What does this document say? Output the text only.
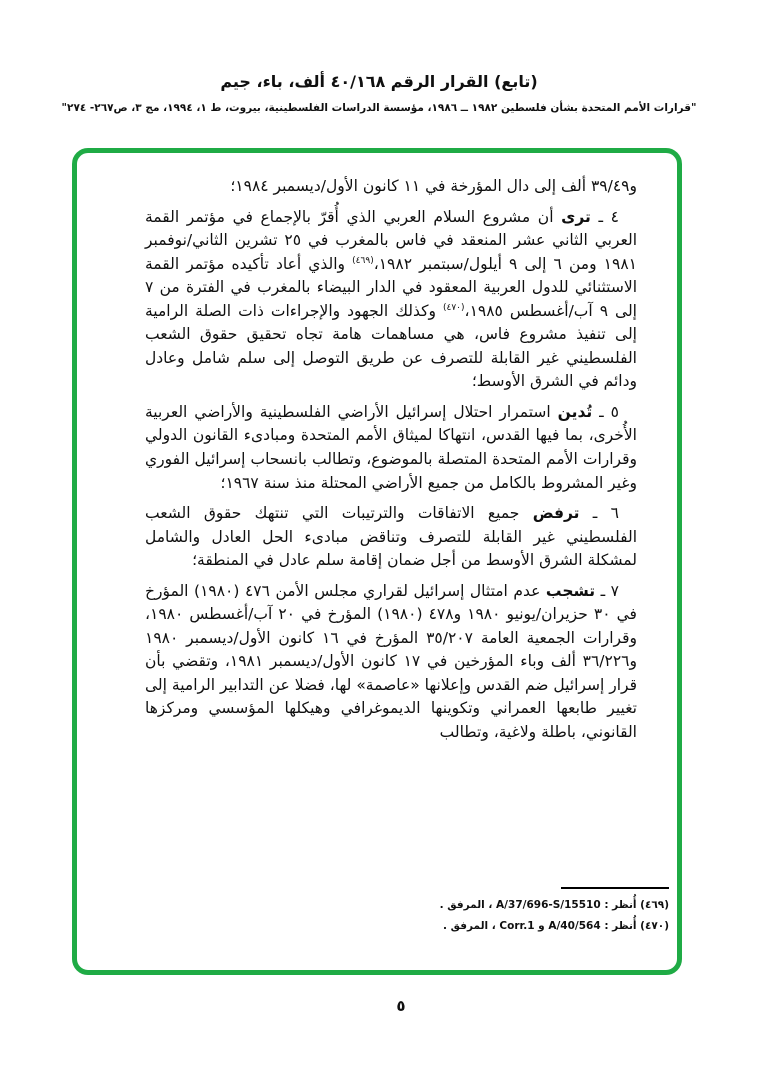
(تابع) القرار الرقم ٤٠/١٦٨ ألف، باء، جيم
"قرارات الأمم المتحدة بشأن فلسطين ١٩٨٢ ــ ١٩٨٦، مؤسسة الدراسات الفلسطينية، بيروت، ط ١، ١٩٩٤، مج ٣، ص٢٦٧- ٢٧٤"

و٣٩/٤٩ ألف إلى دال المؤرخة في ١١ كانون الأول/ديسمبر ١٩٨٤؛

٤ ـ ترى أن مشروع السلام العربي الذي أُقرّ بالإجماع في مؤتمر القمة العربي الثاني عشر المنعقد في فاس بالمغرب في ٢٥ تشرين الثاني/نوفمبر ١٩٨١ ومن ٦ إلى ٩ أيلول/سبتمبر ١٩٨٢،$^{(٤٦٩)}$ والذي أعاد تأكيده مؤتمر القمة الاستثنائي للدول العربية المعقود في الدار البيضاء بالمغرب في الفترة من ٧ إلى ٩ آب/أغسطس ١٩٨٥،$^{(٤٧٠)}$ وكذلك الجهود والإجراءات ذات الصلة الرامية إلى تنفيذ مشروع فاس، هي مساهمات هامة تجاه تحقيق حقوق الشعب الفلسطيني غير القابلة للتصرف عن طريق التوصل إلى سلم شامل وعادل ودائم في الشرق الأوسط؛

٥ ـ تُدين استمرار احتلال إسرائيل الأراضي الفلسطينية والأراضي العربية الأُخرى، بما فيها القدس، انتهاكا لميثاق الأمم المتحدة ومبادىء القانون الدولي وقرارات الأمم المتحدة المتصلة بالموضوع، وتطالب بانسحاب إسرائيل الفوري وغير المشروط بالكامل من جميع الأراضي المحتلة منذ سنة ١٩٦٧؛

٦ ـ ترفض جميع الاتفاقات والترتيبات التي تنتهك حقوق الشعب الفلسطيني غير القابلة للتصرف وتناقض مبادىء الحل العادل والشامل لمشكلة الشرق الأوسط من أجل ضمان إقامة سلم عادل في المنطقة؛

٧ ـ تشجب عدم امتثال إسرائيل لقراري مجلس الأمن ٤٧٦ (١٩٨٠) المؤرخ في ٣٠ حزيران/يونيو ١٩٨٠ و٤٧٨ (١٩٨٠) المؤرخ في ٢٠ آب/أغسطس ١٩٨٠، وقرارات الجمعية العامة ٣٥/٢٠٧ المؤرخ في ١٦ كانون الأول/ديسمبر ١٩٨٠ و٣٦/٢٢٦ ألف وباء المؤرخين في ١٧ كانون الأول/ديسمبر ١٩٨١، وتقضي بأن قرار إسرائيل ضم القدس وإعلانها «عاصمة» لها، فضلا عن التدابير الرامية إلى تغيير طابعها العمراني وتكوينها الديموغرافي وهيكلها المؤسسي ومركزها القانوني، باطلة ولاغية، وتطالب

(٤٦٩) أُنظر : A/37/696-S/15510 ، المرفق .
(٤٧٠) أُنظر : A/40/564 و Corr.1 ، المرفق .
٥
